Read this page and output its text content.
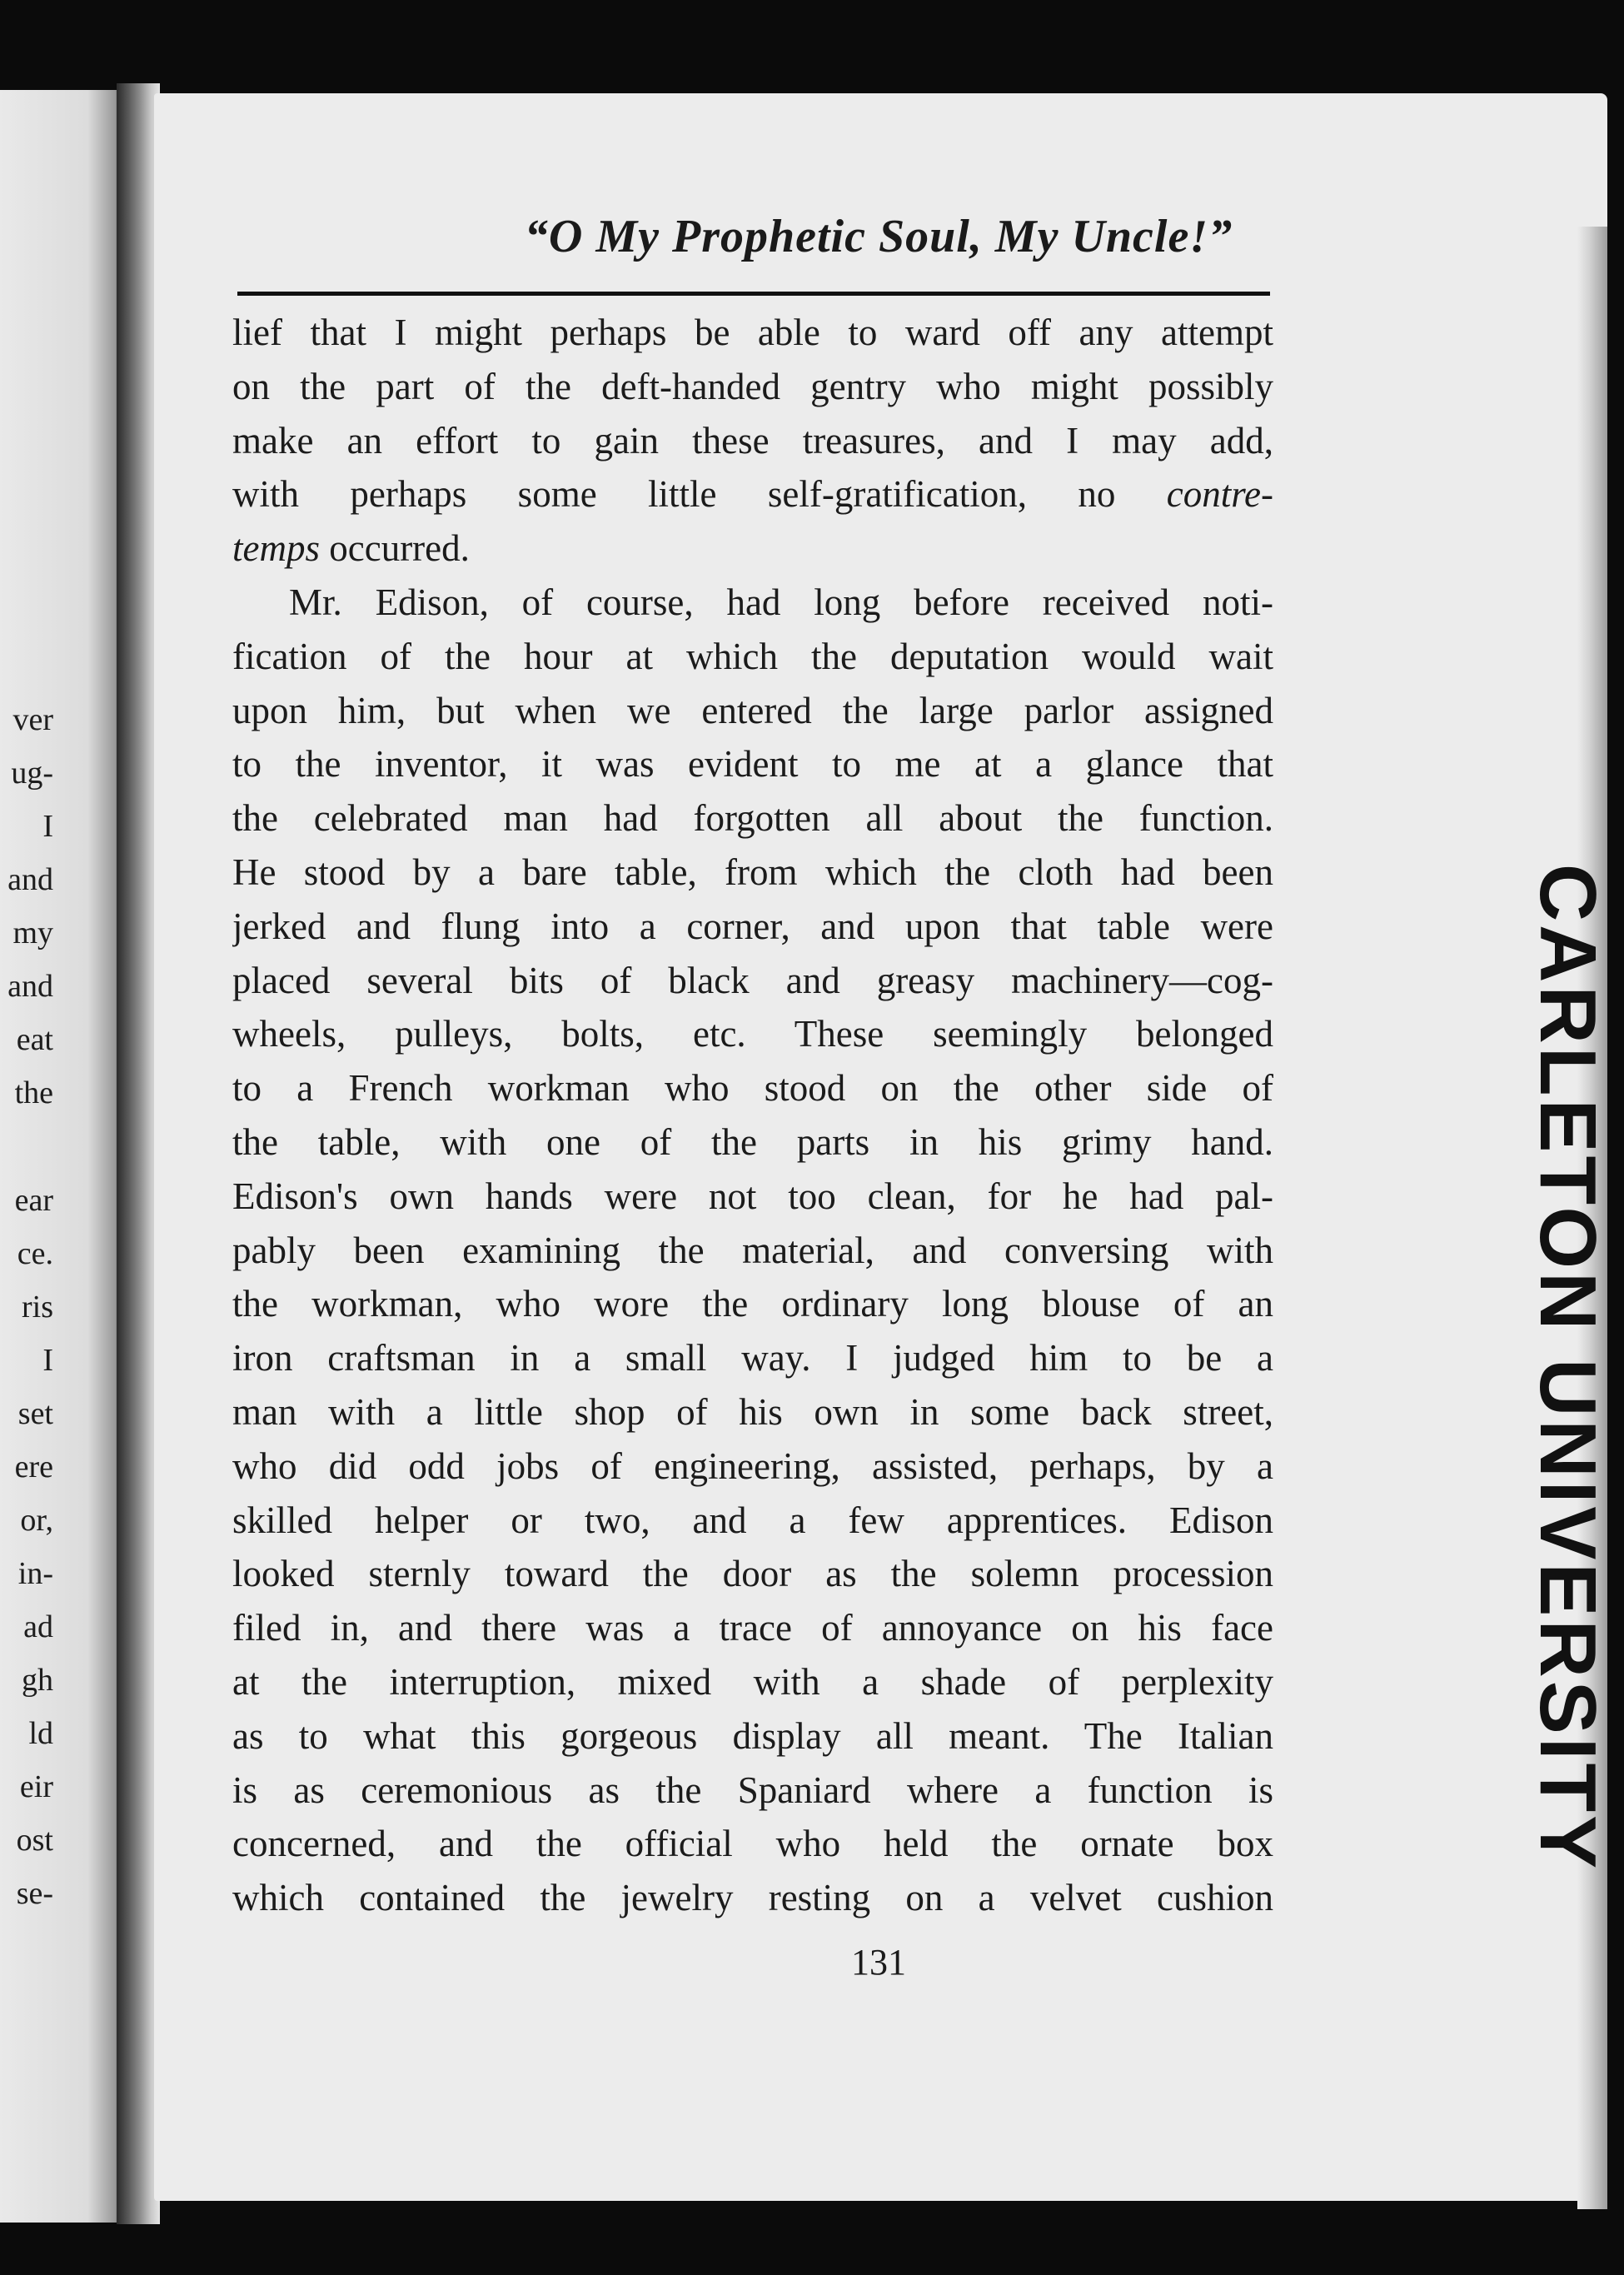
ver
ug-
I
and
my
and
eat
the
ear
ce.
ris
I
set
ere
or,
in-
ad
gh
ld
eir
ost
se-
“O My Prophetic Soul, My Uncle!”
lief that I might perhaps be able to ward off any attempt
on the part of the deft-handed gentry who might possibly
make an effort to gain these treasures, and I may add,
with perhaps some little self-gratification, no contre-
temps occurred.
Mr. Edison, of course, had long before received noti-
fication of the hour at which the deputation would wait
upon him, but when we entered the large parlor assigned
to the inventor, it was evident to me at a glance that
the celebrated man had forgotten all about the function.
He stood by a bare table, from which the cloth had been
jerked and flung into a corner, and upon that table were
placed several bits of black and greasy machinery—cog-
wheels, pulleys, bolts, etc. These seemingly belonged
to a French workman who stood on the other side of
the table, with one of the parts in his grimy hand.
Edison's own hands were not too clean, for he had pal-
pably been examining the material, and conversing with
the workman, who wore the ordinary long blouse of an
iron craftsman in a small way. I judged him to be a
man with a little shop of his own in some back street,
who did odd jobs of engineering, assisted, perhaps, by a
skilled helper or two, and a few apprentices. Edison
looked sternly toward the door as the solemn procession
filed in, and there was a trace of annoyance on his face
at the interruption, mixed with a shade of perplexity
as to what this gorgeous display all meant. The Italian
is as ceremonious as the Spaniard where a function is
concerned, and the official who held the ornate box
which contained the jewelry resting on a velvet cushion
131
CARLETON UNIVERSITY
